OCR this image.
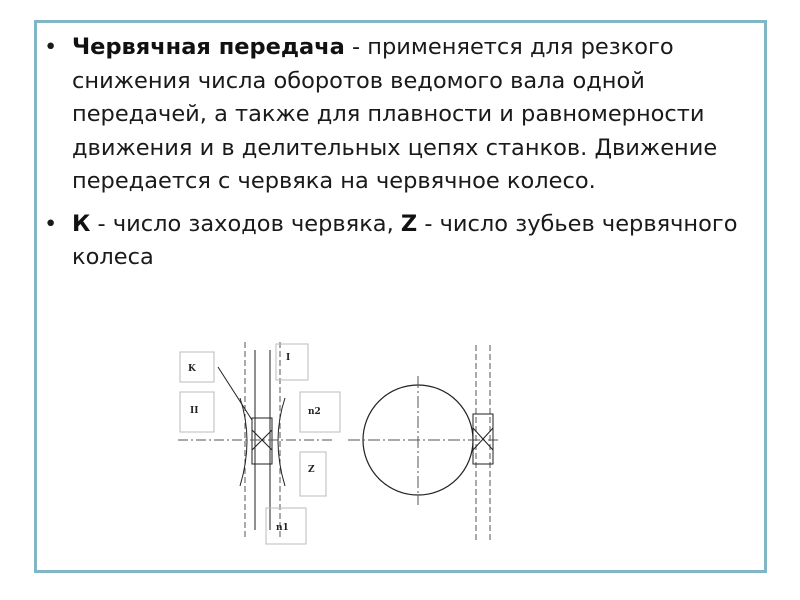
• Червячная передача - применяется для резкого снижения числа оборотов ведомого вала одной передачей, а также для плавности и равномерности движения и в делительных цепях станков. Движение передается с червяка на червячное колесо.
• К - число заходов червяка, Z - число зубьев червячного колеса
K
II
I
n2
Z
n1
